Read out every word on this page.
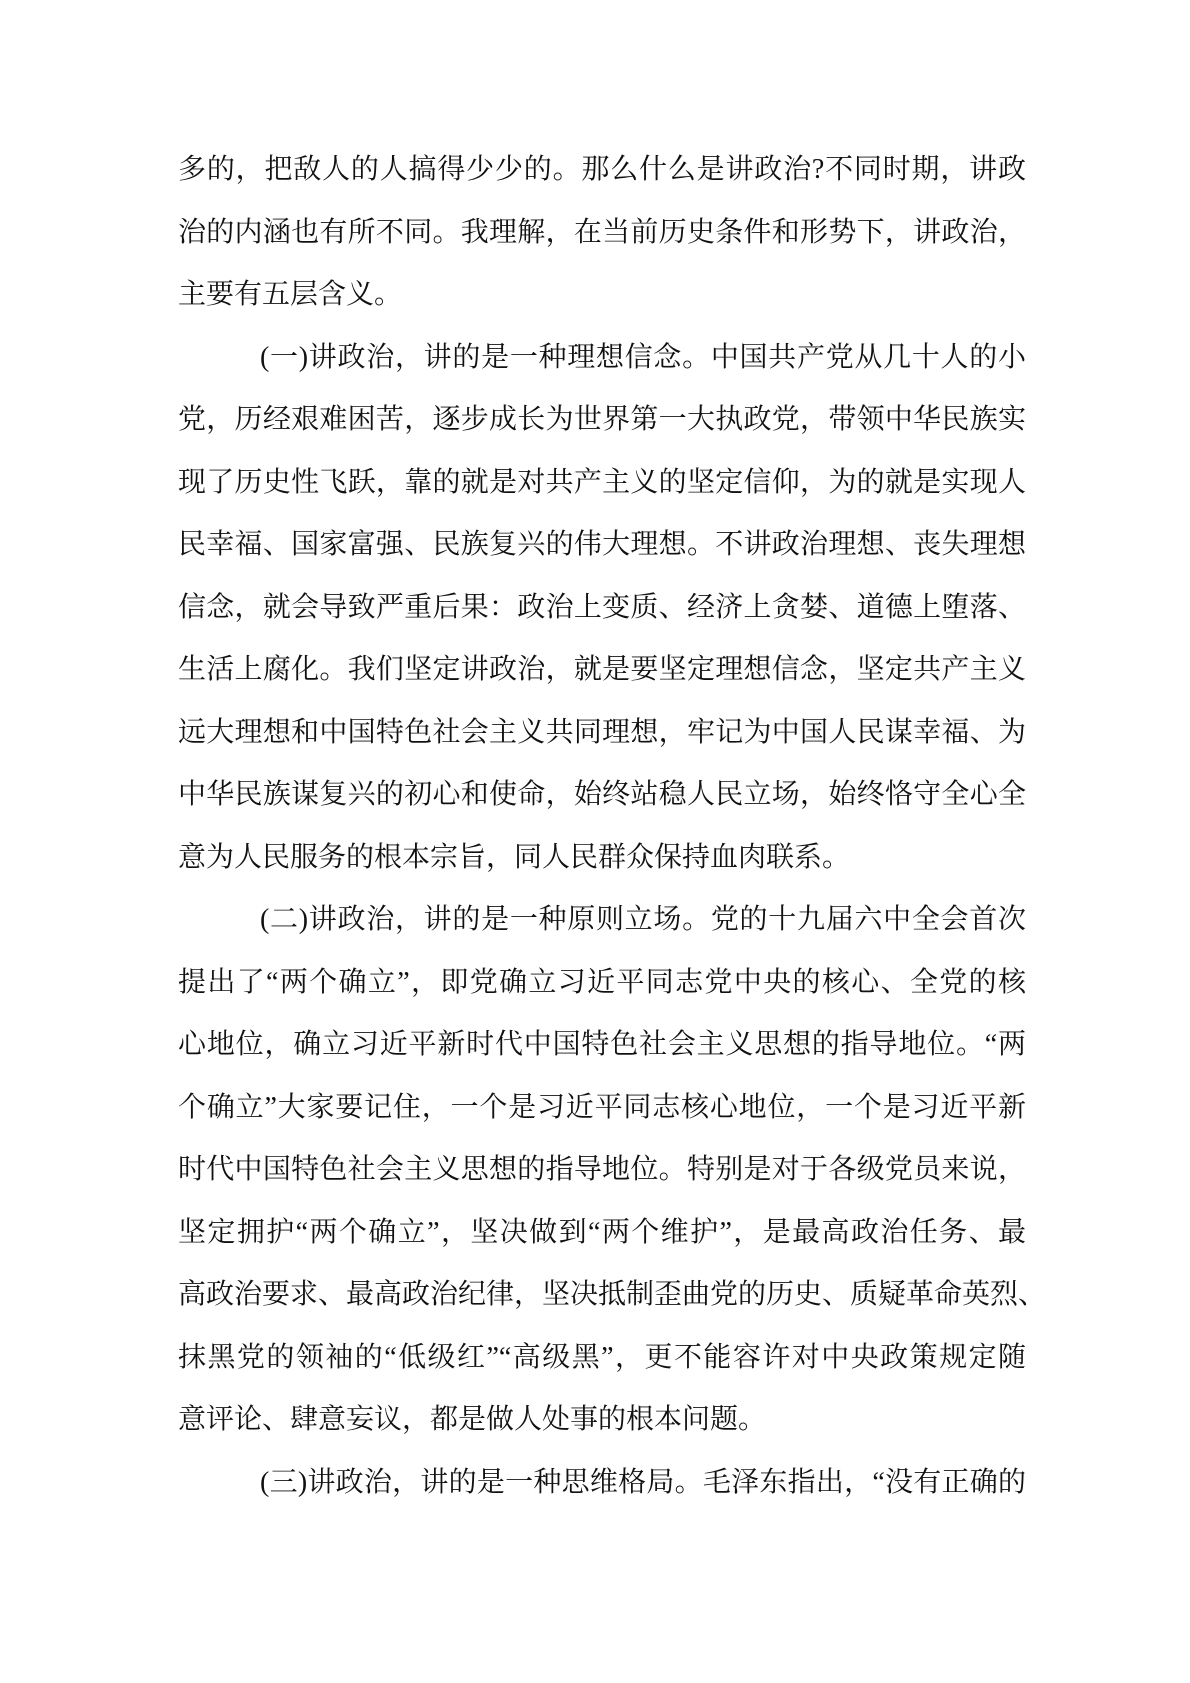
多的，把敌人的人搞得少少的。那么什么是讲政治?不同时期，讲政
治的内涵也有所不同。我理解，在当前历史条件和形势下，讲政治，
主要有五层含义。
(一)讲政治，讲的是一种理想信念。中国共产党从几十人的小
党，历经艰难困苦，逐步成长为世界第一大执政党，带领中华民族实
现了历史性飞跃，靠的就是对共产主义的坚定信仰，为的就是实现人
民幸福、国家富强、民族复兴的伟大理想。不讲政治理想、丧失理想
信念，就会导致严重后果：政治上变质、经济上贪婪、道德上堕落、
生活上腐化。我们坚定讲政治，就是要坚定理想信念，坚定共产主义
远大理想和中国特色社会主义共同理想，牢记为中国人民谋幸福、为
中华民族谋复兴的初心和使命，始终站稳人民立场，始终恪守全心全
意为人民服务的根本宗旨，同人民群众保持血肉联系。
(二)讲政治，讲的是一种原则立场。党的十九届六中全会首次
提出了“两个确立”，即党确立习近平同志党中央的核心、全党的核
心地位，确立习近平新时代中国特色社会主义思想的指导地位。“两
个确立”大家要记住，一个是习近平同志核心地位，一个是习近平新
时代中国特色社会主义思想的指导地位。特别是对于各级党员来说，
坚定拥护“两个确立”，坚决做到“两个维护”，是最高政治任务、最
高政治要求、最高政治纪律，坚决抵制歪曲党的历史、质疑革命英烈、
抹黑党的领袖的“低级红”“高级黑”，更不能容许对中央政策规定随
意评论、肆意妄议，都是做人处事的根本问题。
(三)讲政治，讲的是一种思维格局。毛泽东指出，“没有正确的
